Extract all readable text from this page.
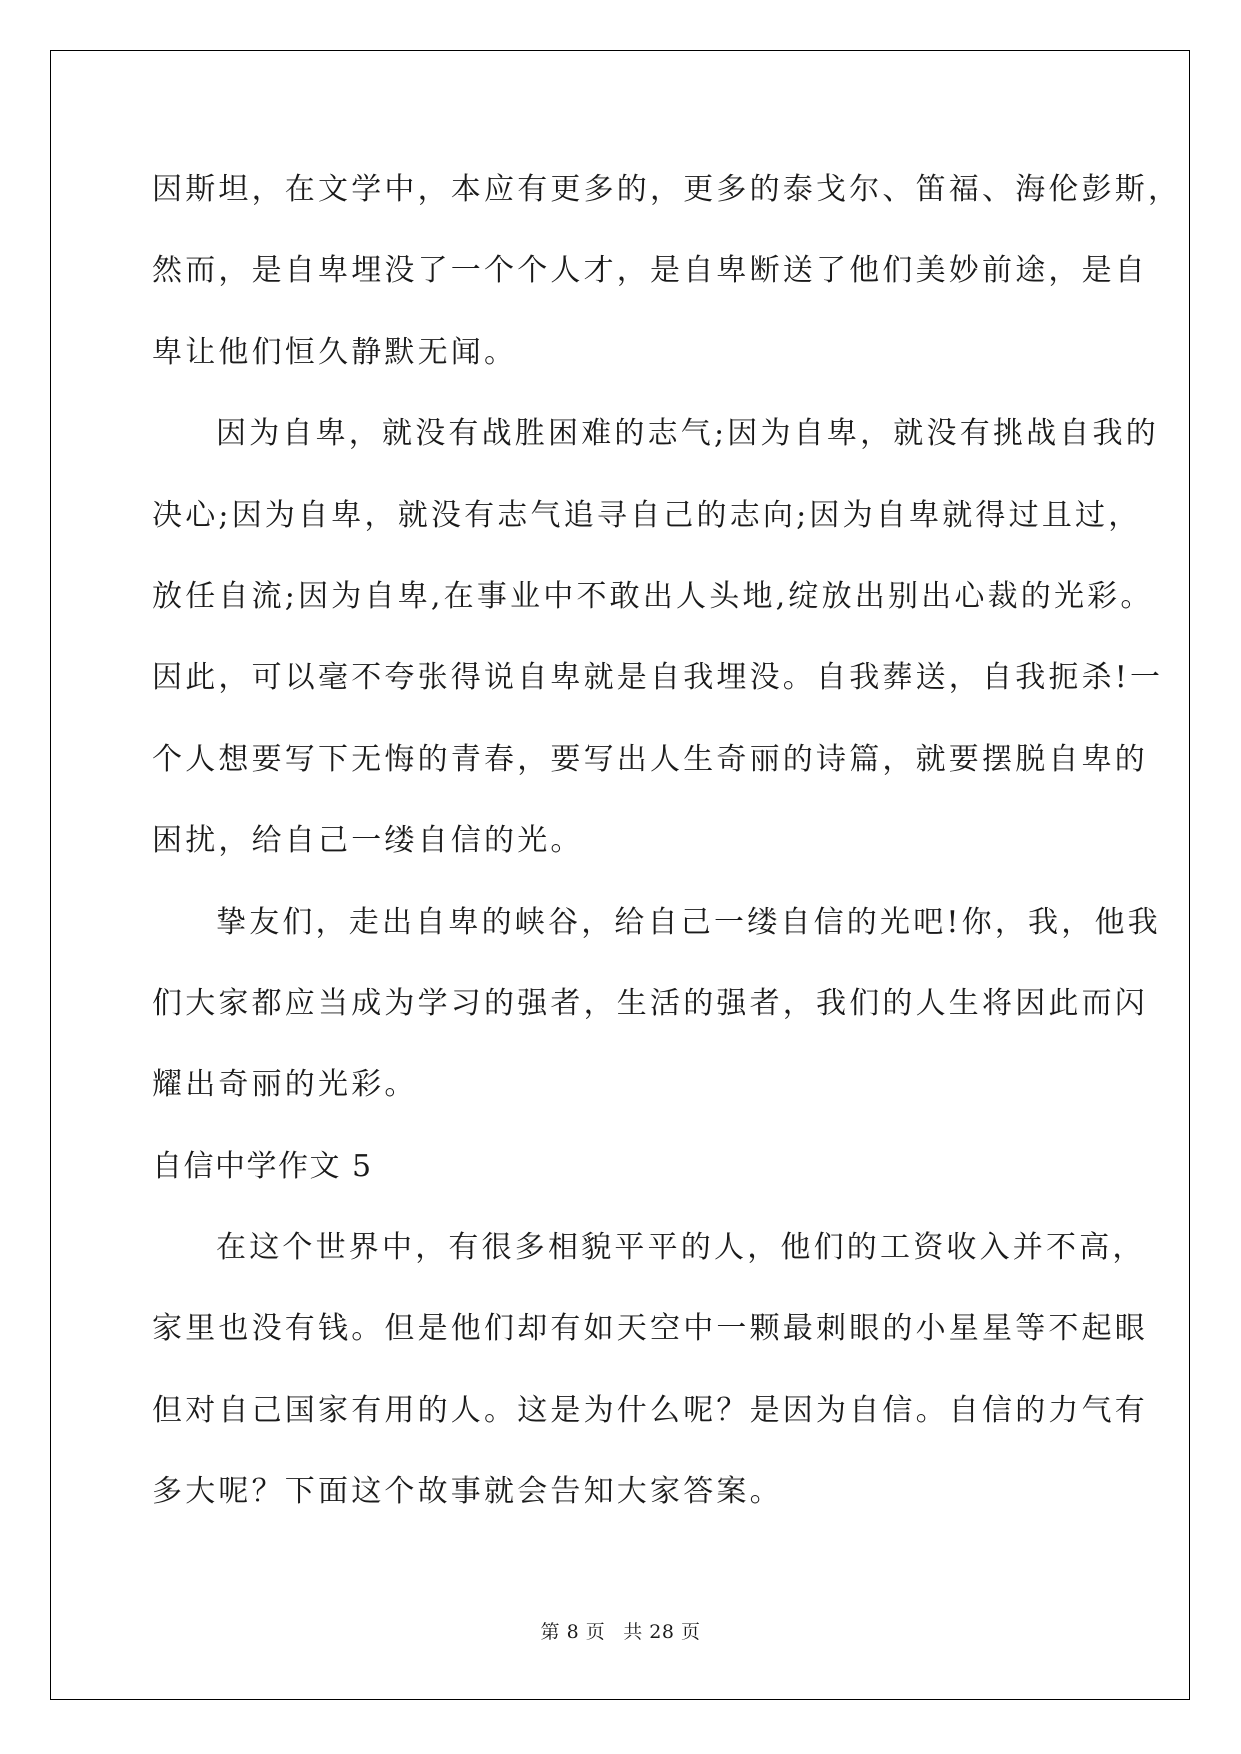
因斯坦，在文学中，本应有更多的，更多的泰戈尔、笛福、海伦彭斯，
然而，是自卑埋没了一个个人才，是自卑断送了他们美妙前途，是自
卑让他们恒久静默无闻。
因为自卑，就没有战胜困难的志气;因为自卑，就没有挑战自我的
决心;因为自卑，就没有志气追寻自己的志向;因为自卑就得过且过，
放任自流;因为自卑,在事业中不敢出人头地,绽放出别出心裁的光彩。
因此，可以毫不夸张得说自卑就是自我埋没。自我葬送，自我扼杀!一
个人想要写下无悔的青春，要写出人生奇丽的诗篇，就要摆脱自卑的
困扰，给自己一缕自信的光。
挚友们，走出自卑的峡谷，给自己一缕自信的光吧!你，我，他我
们大家都应当成为学习的强者，生活的强者，我们的人生将因此而闪
耀出奇丽的光彩。
自信中学作文 5
在这个世界中，有很多相貌平平的人，他们的工资收入并不高，
家里也没有钱。但是他们却有如天空中一颗最刺眼的小星星等不起眼
但对自己国家有用的人。这是为什么呢？是因为自信。自信的力气有
多大呢？下面这个故事就会告知大家答案。
第 8 页 共 28 页
